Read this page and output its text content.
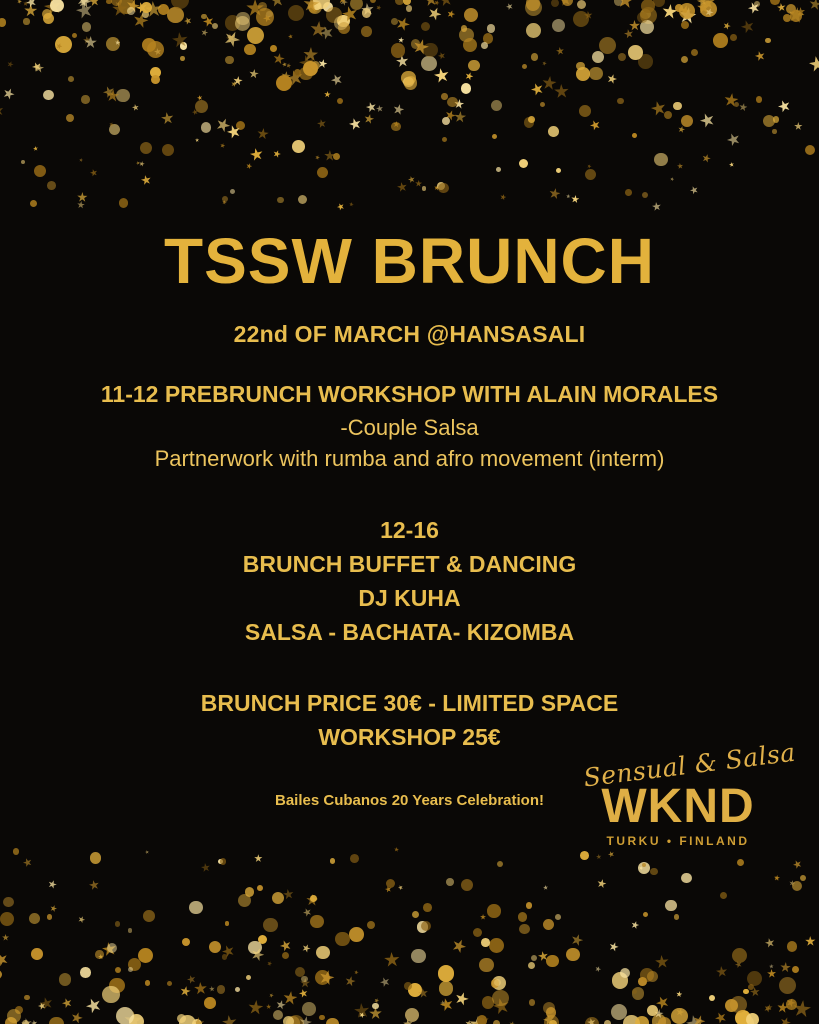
TSSW BRUNCH
22nd OF MARCH @HANSASALI
11-12 PREBRUNCH WORKSHOP WITH ALAIN MORALES
-Couple Salsa
Partnerwork with rumba and afro movement (interm)
12-16
BRUNCH BUFFET & DANCING
DJ KUHA
SALSA - BACHATA- KIZOMBA
BRUNCH PRICE 30€ - LIMITED SPACE
WORKSHOP 25€
Bailes Cubanos 20 Years Celebration!
Sensual & Salsa
WKND
TURKU • FINLAND
